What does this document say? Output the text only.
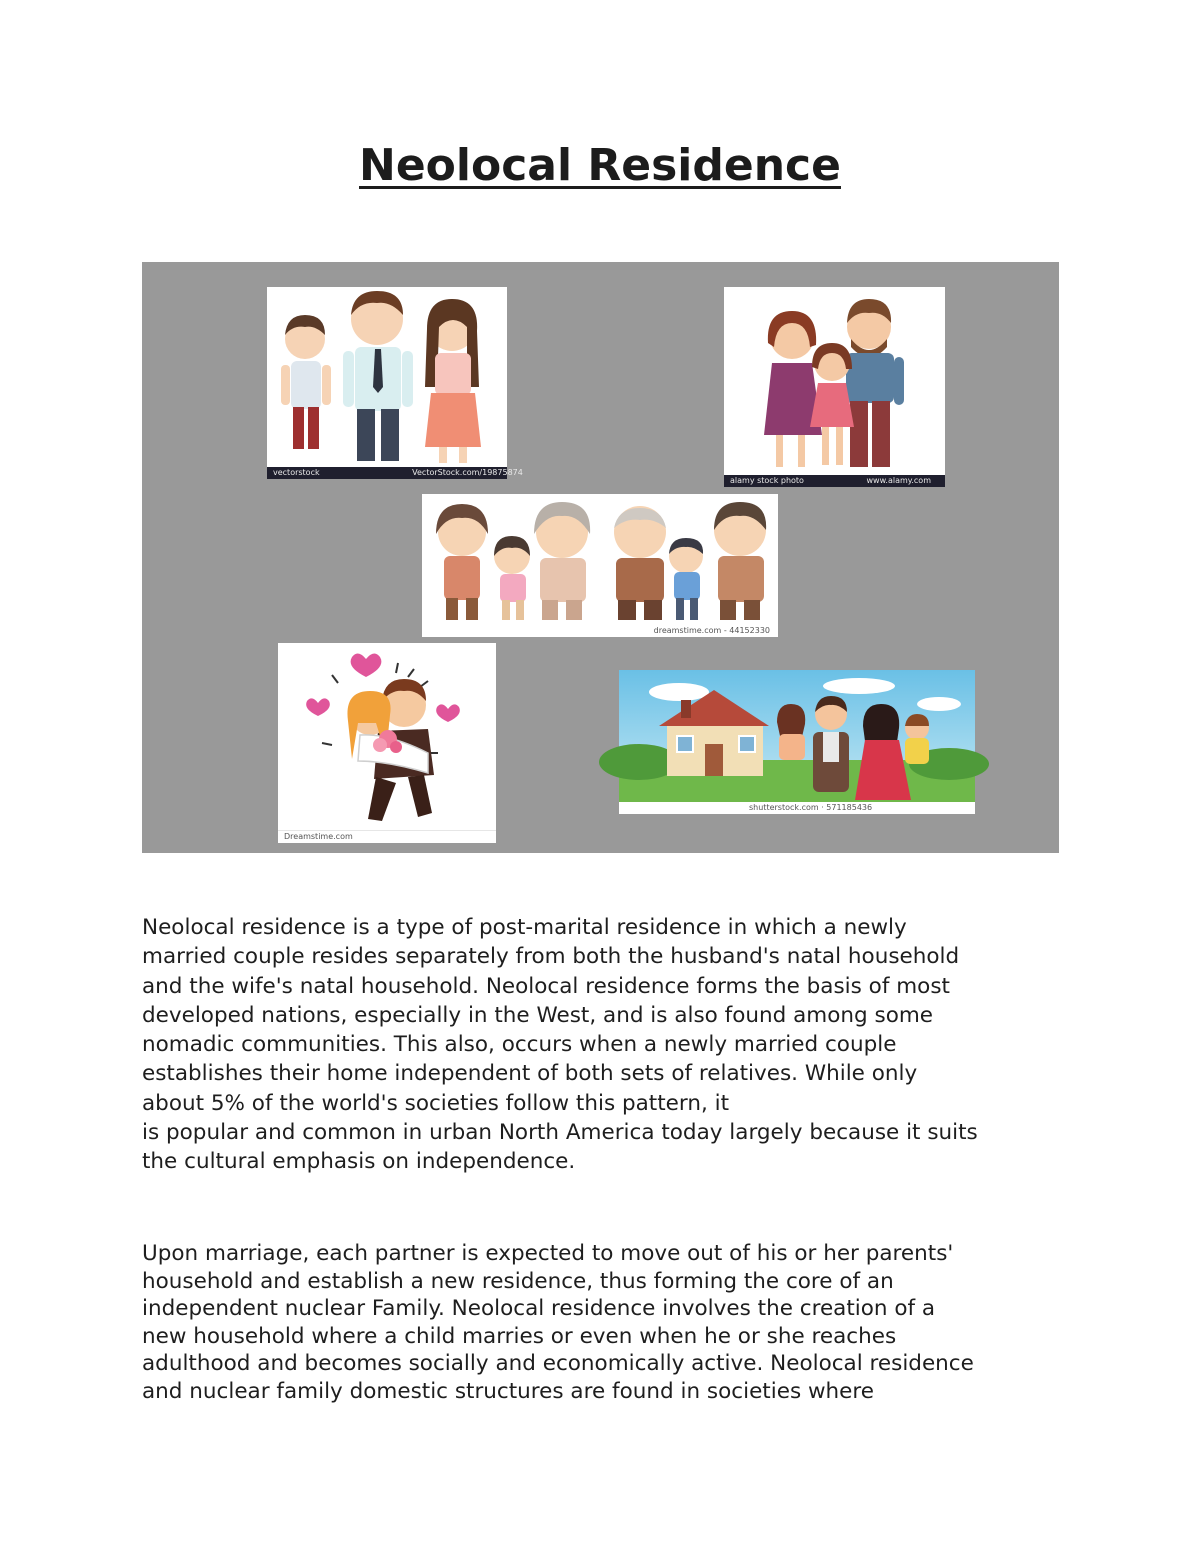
Neolocal Residence
vectorstock	VectorStock.com/19875874
alamy stock photo	www.alamy.com
dreamstime.com - 44152330
Dreamstime.com
shutterstock.com · 571185436

Neolocal residence is a type of post-marital residence in which a newly
married couple resides separately from both the husband's natal household
and the wife's natal household. Neolocal residence forms the basis of most
developed nations, especially in the West, and is also found among some
nomadic communities. This also, occurs when a newly married couple
establishes their home independent of both sets of relatives. While only
about 5% of the world's societies follow this pattern, it
is popular and common in urban North America today largely because it suits
the cultural emphasis on independence.

Upon marriage, each partner is expected to move out of his or her parents'
household and establish a new residence, thus forming the core of an
independent nuclear Family. Neolocal residence involves the creation of a
new household where a child marries or even when he or she reaches
adulthood and becomes socially and economically active. Neolocal residence
and nuclear family domestic structures are found in societies where
